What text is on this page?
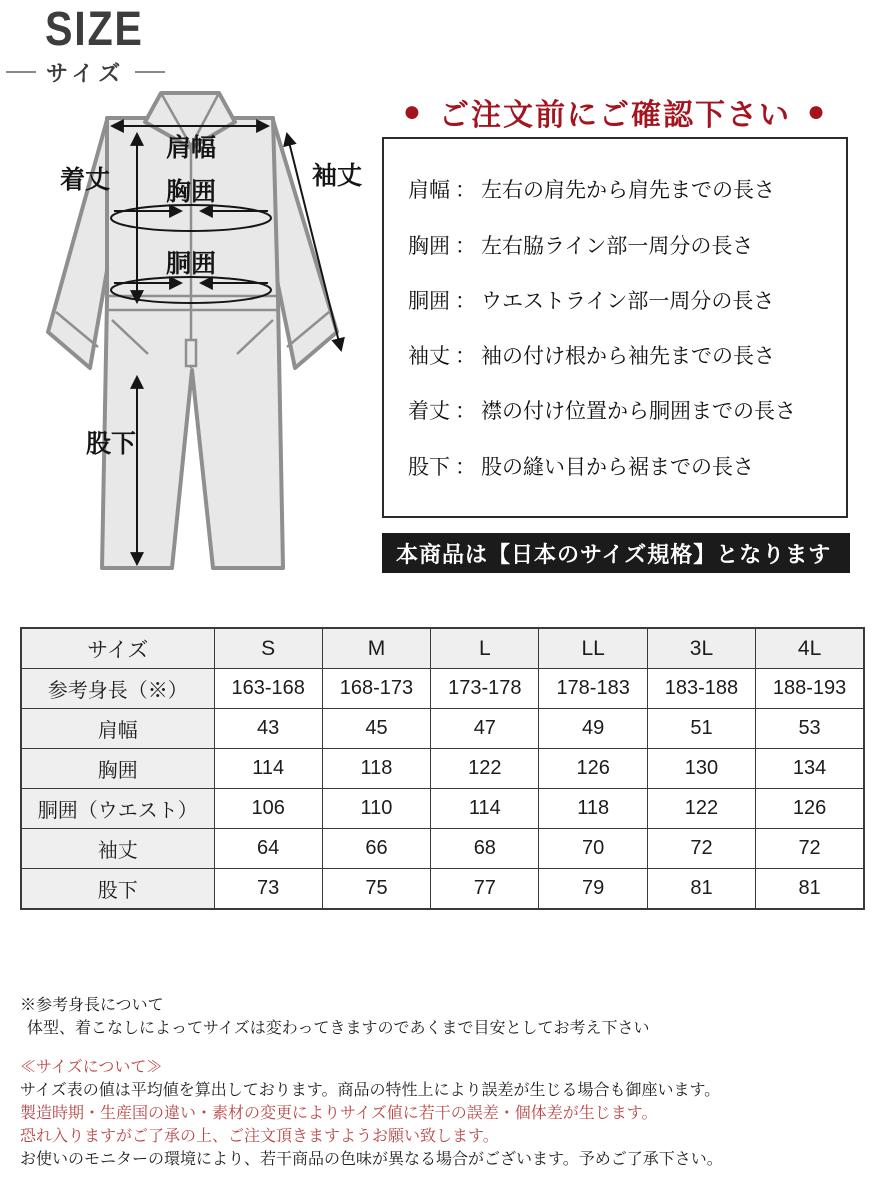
SIZE
サイズ
肩幅
着丈 胸囲
胴囲
袖丈
股下
● ご注文前にご確認下さい ●
肩幅 ： 左右の肩先から肩先までの長さ
胸囲 ： 左右脇ライン部一周分の長さ
胴囲 ： ウエストライン部一周分の長さ
袖丈 ： 袖の付け根から袖先までの長さ
着丈 ： 襟の付け位置から胴囲までの長さ
股下 ： 股の縫い目から裾までの長さ
本商品は【日本のサイズ規格】となります
サイズ	S	M	L	LL	3L	4L
参考身長（※）	163-168	168-173	173-178	178-183	183-188	188-193
肩幅	43	45	47	49	51	53
胸囲	114	118	122	126	130	134
胴囲（ウエスト）	106	110	114	118	122	126
袖丈	64	66	68	70	72	72
股下	73	75	77	79	81	81
※参考身長について
体型、着こなしによってサイズは変わってきますのであくまで目安としてお考え下さい
≪サイズについて≫
サイズ表の値は平均値を算出しております。商品の特性上により誤差が生じる場合も御座います。
製造時期・生産国の違い・素材の変更によりサイズ値に若干の誤差・個体差が生じます。
恐れ入りますがご了承の上、ご注文頂きますようお願い致します。
お使いのモニターの環境により、若干商品の色味が異なる場合がございます。予めご了承下さい。
